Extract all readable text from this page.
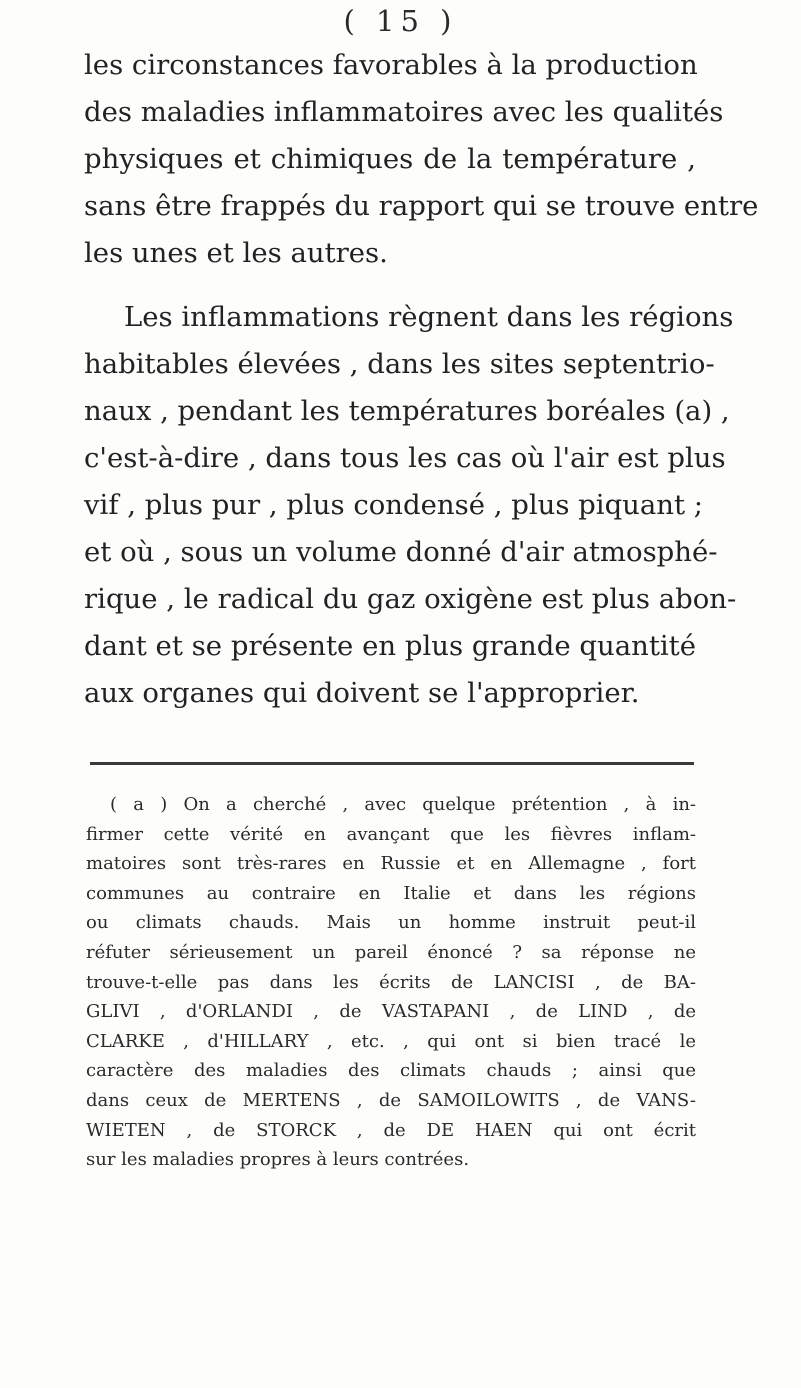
( 15 )
les circonstances favorables à la production
des maladies inflammatoires avec les qualités
physiques et chimiques de la température ,
sans être frappés du rapport qui se trouve entre
les unes et les autres.
Les inflammations règnent dans les régions
habitables élevées , dans les sites septentrio-
naux , pendant les températures boréales (a) ,
c'est-à-dire , dans tous les cas où l'air est plus
vif , plus pur , plus condensé , plus piquant ;
et où , sous un volume donné d'air atmosphé-
rique , le radical du gaz oxigène est plus abon-
dant et se présente en plus grande quantité
aux organes qui doivent se l'approprier.
( a ) On a cherché , avec quelque prétention , à in-
firmer cette vérité en avançant que les fièvres inflam-
matoires sont très-rares en Russie et en Allemagne , fort
communes au contraire en Italie et dans les régions
ou climats chauds. Mais un homme instruit peut-il
réfuter sérieusement un pareil énoncé ? sa réponse ne
trouve-t-elle pas dans les écrits de LANCISI , de BA-
GLIVI , d'ORLANDI , de VASTAPANI , de LIND , de
CLARKE , d'HILLARY , etc. , qui ont si bien tracé le
caractère des maladies des climats chauds ; ainsi que
dans ceux de MERTENS , de SAMOILOWITS , de VANS-
WIETEN , de STORCK , de DE HAEN qui ont écrit
sur les maladies propres à leurs contrées.
